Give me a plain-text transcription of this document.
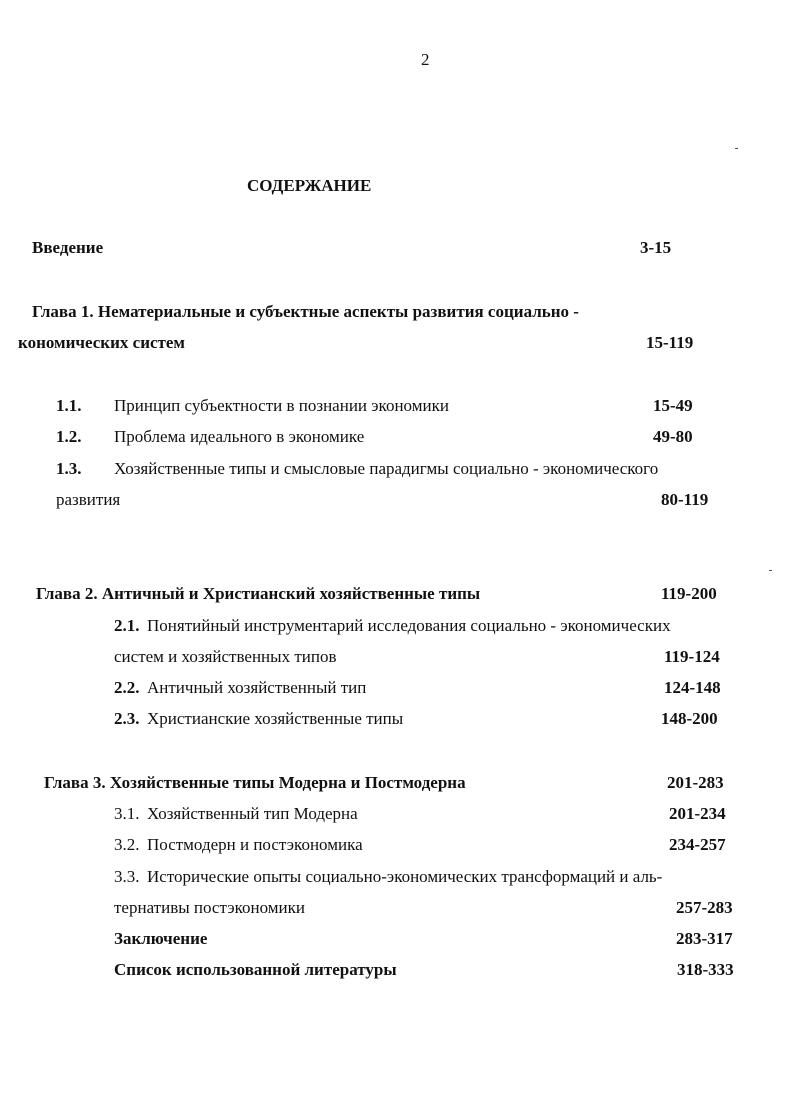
2
СОДЕРЖАНИЕ
Введение	3-15
Глава 1. Нематериальные и субъектные аспекты развития социально -
кономических систем	15-119
1.1. Принцип субъектности в познании экономики	15-49
1.2. Проблема идеального в экономике	49-80
1.3. Хозяйственные типы и смысловые парадигмы социально - экономического
развития	80-119
Глава 2. Античный и Христианский хозяйственные типы	119-200
2.1. Понятийный инструментарий исследования социально - экономических
систем и хозяйственных типов	119-124
2.2. Античный хозяйственный тип	124-148
2.3. Христианские хозяйственные типы	148-200
Глава 3. Хозяйственные типы Модерна и Постмодерна	201-283
3.1. Хозяйственный тип Модерна	201-234
3.2. Постмодерн и постэкономика	234-257
3.3. Исторические опыты социально-экономических трансформаций и аль-
тернативы постэкономики	257-283
Заключение	283-317
Список использованной литературы	318-333
